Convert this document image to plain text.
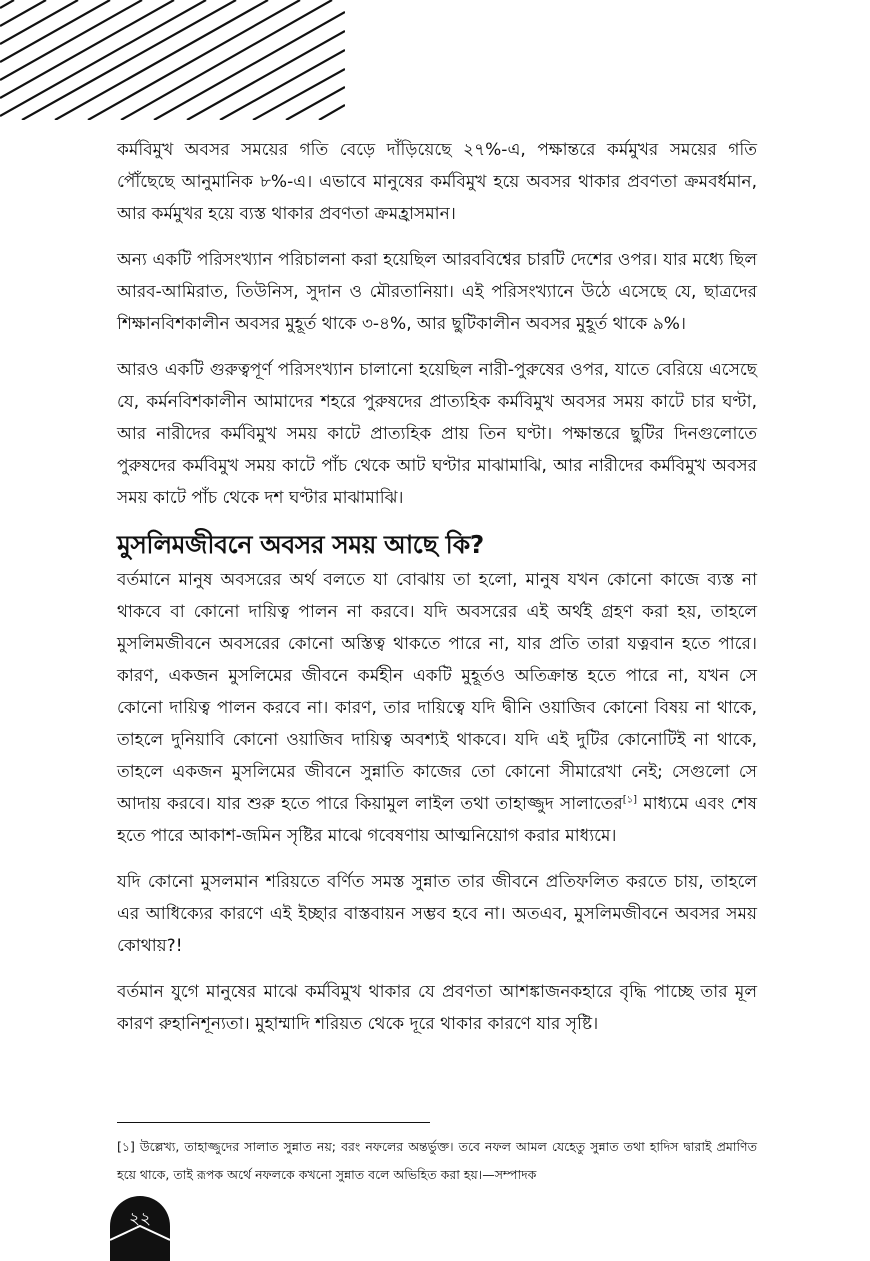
কর্মবিমুখ অবসর সময়ের গতি বেড়ে দাঁড়িয়েছে ২৭%-এ, পক্ষান্তরে কর্মমুখর সময়ের গতি পৌঁছেছে আনুমানিক ৮%-এ। এভাবে মানুষের কর্মবিমুখ হয়ে অবসর থাকার প্রবণতা ক্রমবর্ধমান, আর কর্মমুখর হয়ে ব্যস্ত থাকার প্রবণতা ক্রমহ্রাসমান।

অন্য একটি পরিসংখ্যান পরিচালনা করা হয়েছিল আরববিশ্বের চারটি দেশের ওপর। যার মধ্যে ছিল আরব-আমিরাত, তিউনিস, সুদান ও মৌরতানিয়া। এই পরিসংখ্যানে উঠে এসেছে যে, ছাত্রদের শিক্ষানবিশকালীন অবসর মুহূর্ত থাকে ৩-৪%, আর ছুটিকালীন অবসর মুহূর্ত থাকে ৯%।

আরও একটি গুরুত্বপূর্ণ পরিসংখ্যান চালানো হয়েছিল নারী-পুরুষের ওপর, যাতে বেরিয়ে এসেছে যে, কর্মনবিশকালীন আমাদের শহরে পুরুষদের প্রাত্যহিক কর্মবিমুখ অবসর সময় কাটে চার ঘণ্টা, আর নারীদের কর্মবিমুখ সময় কাটে প্রাত্যহিক প্রায় তিন ঘণ্টা। পক্ষান্তরে ছুটির দিনগুলোতে পুরুষদের কর্মবিমুখ সময় কাটে পাঁচ থেকে আট ঘণ্টার মাঝামাঝি, আর নারীদের কর্মবিমুখ অবসর সময় কাটে পাঁচ থেকে দশ ঘণ্টার মাঝামাঝি।

মুসলিমজীবনে অবসর সময় আছে কি?

বর্তমানে মানুষ অবসরের অর্থ বলতে যা বোঝায় তা হলো, মানুষ যখন কোনো কাজে ব্যস্ত না থাকবে বা কোনো দায়িত্ব পালন না করবে। যদি অবসরের এই অর্থই গ্রহণ করা হয়, তাহলে মুসলিমজীবনে অবসরের কোনো অস্তিত্ব থাকতে পারে না, যার প্রতি তারা যত্নবান হতে পারে। কারণ, একজন মুসলিমের জীবনে কর্মহীন একটি মুহূর্তও অতিক্রান্ত হতে পারে না, যখন সে কোনো দায়িত্ব পালন করবে না। কারণ, তার দায়িত্বে যদি দ্বীনি ওয়াজিব কোনো বিষয় না থাকে, তাহলে দুনিয়াবি কোনো ওয়াজিব দায়িত্ব অবশ্যই থাকবে। যদি এই দুটির কোনোটিই না থাকে, তাহলে একজন মুসলিমের জীবনে সুন্নাতি কাজের তো কোনো সীমারেখা নেই; সেগুলো সে আদায় করবে। যার শুরু হতে পারে কিয়ামুল লাইল তথা তাহাজ্জুদ সালাতের[১] মাধ্যমে এবং শেষ হতে পারে আকাশ-জমিন সৃষ্টির মাঝে গবেষণায় আত্মনিয়োগ করার মাধ্যমে।

যদি কোনো মুসলমান শরিয়তে বর্ণিত সমস্ত সুন্নাত তার জীবনে প্রতিফলিত করতে চায়, তাহলে এর আধিক্যের কারণে এই ইচ্ছার বাস্তবায়ন সম্ভব হবে না। অতএব, মুসলিমজীবনে অবসর সময় কোথায়?!

বর্তমান যুগে মানুষের মাঝে কর্মবিমুখ থাকার যে প্রবণতা আশঙ্কাজনকহারে বৃদ্ধি পাচ্ছে তার মূল কারণ রুহানিশূন্যতা। মুহাম্মাদি শরিয়ত থেকে দূরে থাকার কারণে যার সৃষ্টি।

[১] উল্লেখ্য, তাহাজ্জুদের সালাত সুন্নাত নয়; বরং নফলের অন্তর্ভুক্ত। তবে নফল আমল যেহেতু সুন্নাত তথা হাদিস দ্বারাই প্রমাণিত হয়ে থাকে, তাই রূপক অর্থে নফলকে কখনো সুন্নাত বলে অভিহিত করা হয়।—সম্পাদক
২২
